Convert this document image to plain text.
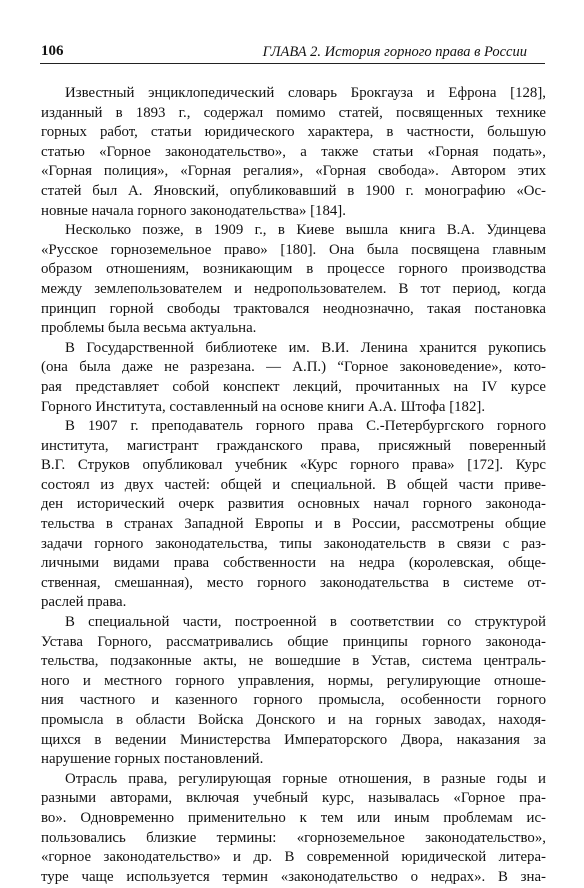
106	ГЛАВА 2. История горного права в России
Известный энциклопедический словарь Брокгауза и Ефрона [128],
изданный в 1893 г., содержал помимо статей, посвященных технике
горных работ, статьи юридического характера, в частности, большую
статью «Горное законодательство», а также статьи «Горная подать»,
«Горная полиция», «Горная регалия», «Горная свобода». Автором этих
статей был А. Яновский, опубликовавший в 1900 г. монографию «Ос-
новные начала горного законодательства» [184].
Несколько позже, в 1909 г., в Киеве вышла книга В.А. Удинцева
«Русское горноземельное право» [180]. Она была посвящена главным
образом отношениям, возникающим в процессе горного производства
между землепользователем и недропользователем. В тот период, когда
принцип горной свободы трактовался неоднозначно, такая постановка
проблемы была весьма актуальна.
В Государственной библиотеке им. В.И. Ленина хранится рукопись
(она была даже не разрезана. — А.П.) “Горное законоведение», кото-
рая представляет собой конспект лекций, прочитанных на IV курсе
Горного Института, составленный на основе книги А.А. Штофа [182].
В 1907 г. преподаватель горного права С.-Петербургского горного
института, магистрант гражданского права, присяжный поверенный
В.Г. Струков опубликовал учебник «Курс горного права» [172]. Курс
состоял из двух частей: общей и специальной. В общей части приве-
ден исторический очерк развития основных начал горного законода-
тельства в странах Западной Европы и в России, рассмотрены общие
задачи горного законодательства, типы законодательств в связи с раз-
личными видами права собственности на недра (королевская, обще-
ственная, смешанная), место горного законодательства в системе от-
раслей права.
В специальной части, построенной в соответствии со структурой
Устава Горного, рассматривались общие принципы горного законода-
тельства, подзаконные акты, не вошедшие в Устав, система централь-
ного и местного горного управления, нормы, регулирующие отноше-
ния частного и казенного горного промысла, особенности горного
промысла в области Войска Донского и на горных заводах, находя-
щихся в ведении Министерства Императорского Двора, наказания за
нарушение горных постановлений.
Отрасль права, регулирующая горные отношения, в разные годы и
разными авторами, включая учебный курс, называлась «Горное пра-
во». Одновременно применительно к тем или иным проблемам ис-
пользовались близкие термины: «горноземельное законодательство»,
«горное законодательство» и др. В современной юридической литера-
туре чаще используется термин «законодательство о недрах». В зна-
